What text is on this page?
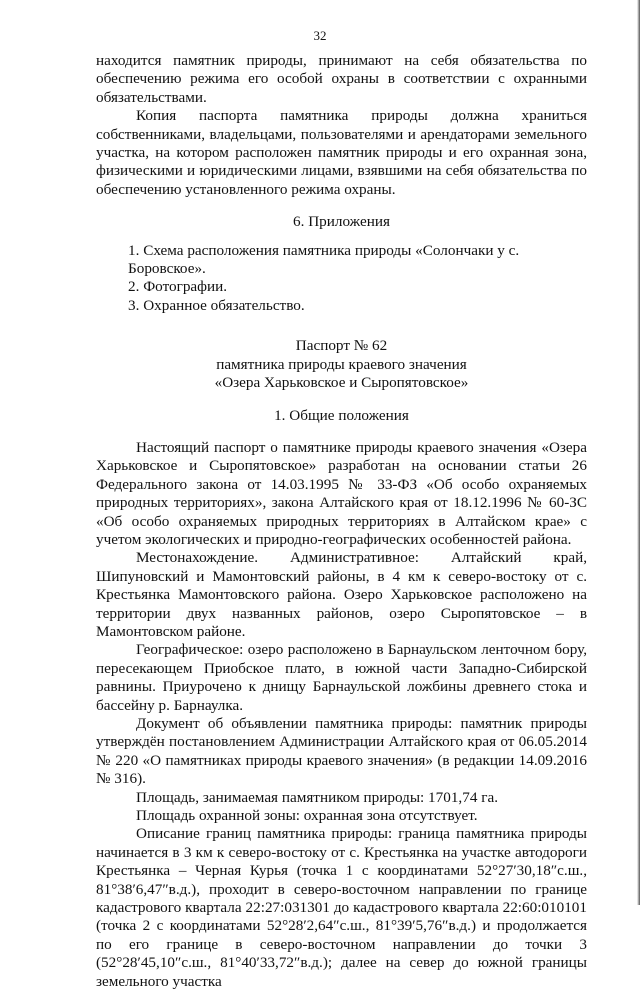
32

находится памятник природы, принимают на себя обязательства по обеспечению режима его особой охраны в соответствии с охранными обязательствами.

Копия паспорта памятника природы должна храниться собственниками, владельцами, пользователями и арендаторами земельного участка, на котором расположен памятник природы и его охранная зона, физическими и юридическими лицами, взявшими на себя обязательства по обеспечению установленного режима охраны.

6. Приложения

1. Схема расположения памятника природы «Солончаки у с. Боровское».
2. Фотографии.
3. Охранное обязательство.

Паспорт № 62

памятника природы краевого значения

«Озера Харьковское и Сыропятовское»

1. Общие положения

Настоящий паспорт о памятнике природы краевого значения «Озера Харьковское и Сыропятовское» разработан на основании статьи 26 Федерального закона от 14.03.1995 № 33-ФЗ «Об особо охраняемых природных территориях», закона Алтайского края от 18.12.1996 № 60-ЗС «Об особо охраняемых природных территориях в Алтайском крае» с учетом экологических и природно-географических особенностей района.

Местонахождение. Административное: Алтайский край, Шипуновский и Мамонтовский районы, в 4 км к северо-востоку от с. Крестьянка Мамонтовского района. Озеро Харьковское расположено на территории двух названных районов, озеро Сыропятовское – в Мамонтовском районе.

Географическое: озеро расположено в Барнаульском ленточном бору, пересекающем Приобское плато, в южной части Западно-Сибирской равнины. Приурочено к днищу Барнаульской ложбины древнего стока и бассейну р. Барнаулка.

Документ об объявлении памятника природы: памятник природы утверждён постановлением Администрации Алтайского края от 06.05.2014 № 220 «О памятниках природы краевого значения» (в редакции 14.09.2016 № 316).

Площадь, занимаемая памятником природы: 1701,74 га.

Площадь охранной зоны: охранная зона отсутствует.

Описание границ памятника природы: граница памятника природы начинается в 3 км к северо-востоку от с. Крестьянка на участке автодороги Крестьянка – Черная Курья (точка 1 с координатами 52°27′30,18″с.ш., 81°38′6,47″в.д.), проходит в северо-восточном направлении по границе кадастрового квартала 22:27:031301 до кадастрового квартала 22:60:010101 (точка 2 с координатами 52°28′2,64″с.ш., 81°39′5,76″в.д.) и продолжается по его границе в северо-восточном направлении до точки 3 (52°28′45,10″с.ш., 81°40′33,72″в.д.); далее на север до южной границы земельного участка
